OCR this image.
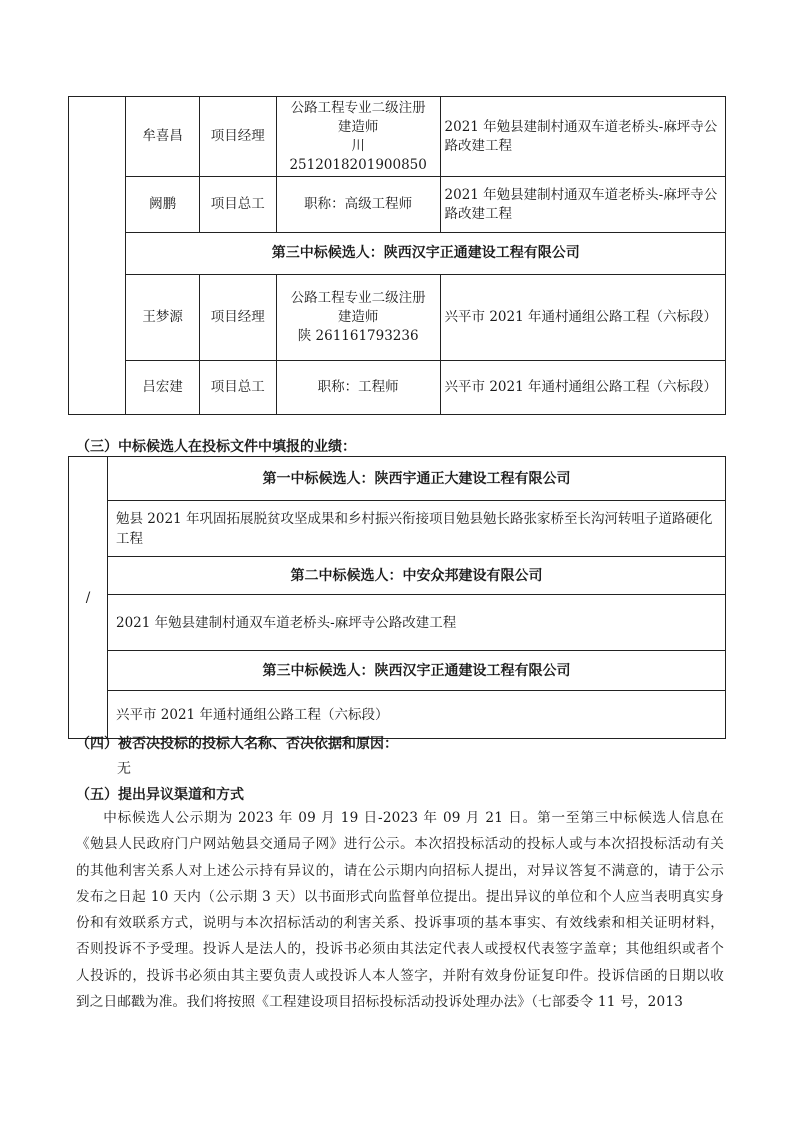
	牟喜昌	项目经理	公路工程专业二级注册
建造师
川 2512018201900850	2021 年勉县建制村通双车道老桥头-麻坪寺公路改建工程
	阙鹏	项目总工	职称：高级工程师	2021 年勉县建制村通双车道老桥头-麻坪寺公路改建工程
	第三中标候选人：陕西汉宇正通建设工程有限公司			
	王梦源	项目经理	公路工程专业二级注册
建造师
陕 261161793236	兴平市 2021 年通村通组公路工程（六标段）
	吕宏建	项目总工	职称：工程师	兴平市 2021 年通村通组公路工程（六标段）
（三）中标候选人在投标文件中填报的业绩：
/	第一中标候选人：陕西宇通正大建设工程有限公司
勉县 2021 年巩固拓展脱贫攻坚成果和乡村振兴衔接项目勉县勉长路张家桥至长沟河转咀子道路硬化工程
第二中标候选人：中安众邦建设有限公司
2021 年勉县建制村通双车道老桥头-麻坪寺公路改建工程
第三中标候选人：陕西汉宇正通建设工程有限公司
兴平市 2021 年通村通组公路工程（六标段）
（四）被否决投标的投标人名称、否决依据和原因：
无
（五）提出异议渠道和方式
中标候选人公示期为 2023 年 09 月 19 日-2023 年 09 月 21 日。第一至第三中标候选人信息在《勉县人民政府门户网站勉县交通局子网》进行公示。本次招投标活动的投标人或与本次招投标活动有关的其他利害关系人对上述公示持有异议的，请在公示期内向招标人提出，对异议答复不满意的，请于公示发布之日起 10 天内（公示期 3 天）以书面形式向监督单位提出。提出异议的单位和个人应当表明真实身份和有效联系方式，说明与本次招标活动的利害关系、投诉事项的基本事实、有效线索和相关证明材料，否则投诉不予受理。投诉人是法人的，投诉书必须由其法定代表人或授权代表签字盖章；其他组织或者个人投诉的，投诉书必须由其主要负责人或投诉人本人签字，并附有效身份证复印件。投诉信函的日期以收到之日邮戳为准。我们将按照《工程建设项目招标投标活动投诉处理办法》（七部委令 11 号，2013
